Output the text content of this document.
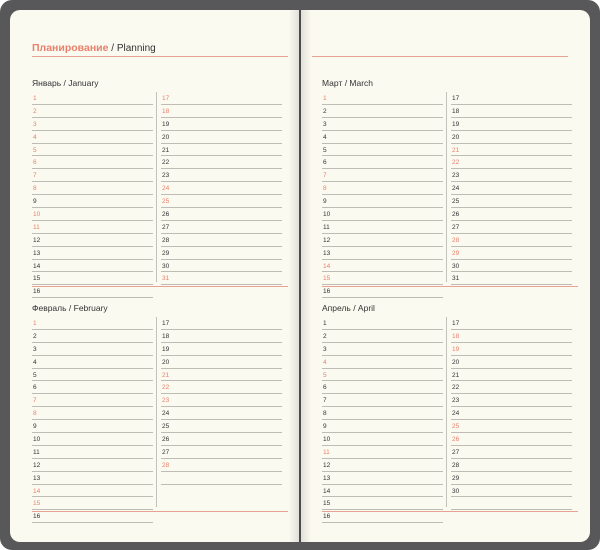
Планирование / Planning
Январь / January
1
2
3
4
5
6
7
8
9
10
11
12
13
14
15
16
17
18
19
20
21
22
23
24
25
26
27
28
29
30
31
Февраль / February
1
2
3
4
5
6
7
8
9
10
11
12
13
14
15
16
17
18
19
20
21
22
23
24
25
26
27
28
Март / March
1
2
3
4
5
6
7
8
9
10
11
12
13
14
15
16
17
18
19
20
21
22
23
24
25
26
27
28
29
30
31
Апрель / April
1
2
3
4
5
6
7
8
9
10
11
12
13
14
15
16
17
18
19
20
21
22
23
24
25
26
27
28
29
30
